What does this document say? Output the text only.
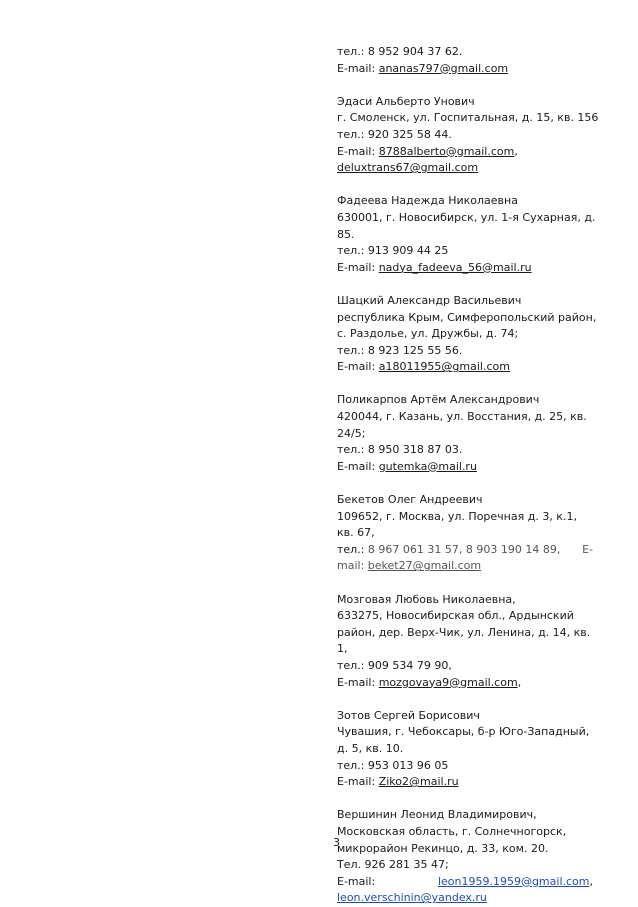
тел.: 8 952 904 37 62.
E-mail: ananas797@gmail.com
Эдаси Альберто Унович
г. Смоленск, ул. Госпитальная, д. 15, кв. 156
тел.: 920 325 58 44.
E-mail: 8788alberto@gmail.com,
deluxtrans67@gmail.com
Фадеева Надежда Николаевна
630001, г. Новосибирск, ул. 1-я Сухарная, д.
85.
тел.: 913 909 44 25
E-mail: nadya_fadeeva_56@mail.ru
Шацкий Александр Васильевич
республика Крым, Симферопольский район,
с. Раздолье, ул. Дружбы, д. 74;
тел.: 8 923 125 55 56.
E-mail: a18011955@gmail.com
Поликарпов Артём Александрович
420044, г. Казань, ул. Восстания, д. 25, кв.
24/5;
тел.: 8 950 318 87 03.
E-mail: gutemka@mail.ru
Бекетов Олег Андреевич
109652, г. Москва, ул. Поречная д. 3, к.1,
кв. 67,
тел.: 8 967 061 31 57, 8 903 190 14 89, E-
mail: beket27@gmail.com
Мозговая Любовь Николаевна,
633275, Новосибирская обл., Ардынский
район, дер. Верх-Чик, ул. Ленина, д. 14, кв.
1,
тел.: 909 534 79 90,
E-mail: mozgovaya9@gmail.com,
Зотов Сергей Борисович
Чувашия, г. Чебоксары, б-р Юго-Западный,
д. 5, кв. 10.
тел.: 953 013 96 05
E-mail: Ziko2@mail.ru
Вершинин Леонид Владимирович,
Московская область, г. Солнечногорск,
микрорайон Рекинцо, д. 33, ком. 20.
Тел. 926 281 35 47;
E-mail:	leon1959.1959@gmail.com,
leon.verschinin@yandex.ru
3
